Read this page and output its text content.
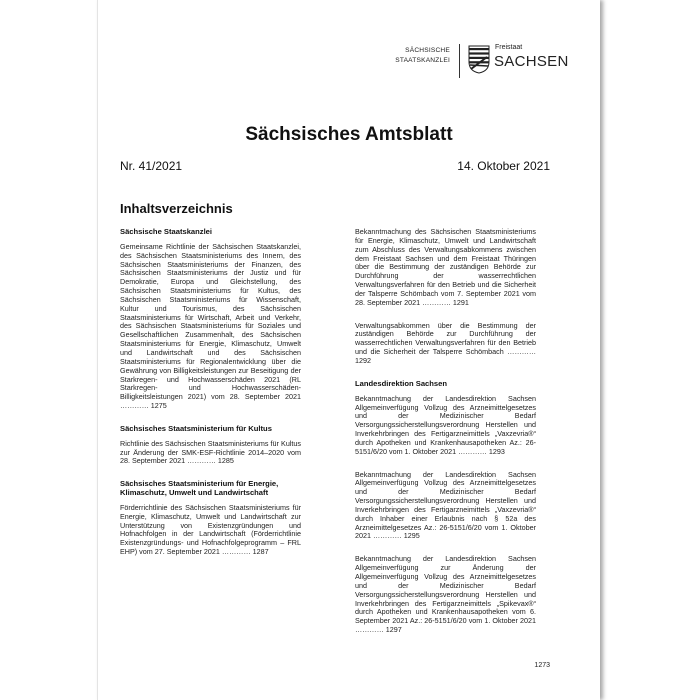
SÄCHSISCHE
STAATSKANZLEI
Freistaat
SACHSEN
Sächsisches Amtsblatt
Nr. 41/2021	14. Oktober 2021
Inhaltsverzeichnis
Sächsische Staatskanzlei
Gemeinsame Richtlinie der Sächsischen Staatskanzlei, des Sächsischen Staatsministeriums des Innern, des Sächsischen Staatsministeriums der Finanzen, des Sächsischen Staatsministeriums der Justiz und für Demokratie, Europa und Gleichstellung, des Sächsischen Staatsministeriums für Kultus, des Sächsischen Staatsministeriums für Wissenschaft, Kultur und Tourismus, des Sächsischen Staatsministeriums für Wirtschaft, Arbeit und Verkehr, des Sächsischen Staatsministeriums für Soziales und Gesellschaftlichen Zusammenhalt, des Sächsischen Staatsministeriums für Energie, Klimaschutz, Umwelt und Landwirtschaft und des Sächsischen Staatsministeriums für Regionalentwicklung über die Gewährung von Billigkeitsleistungen zur Beseitigung der Starkregen- und Hochwasserschäden 2021 (RL Starkregen- und Hochwasserschäden-Billigkeitsleistungen 2021) vom 28. September 2021 ………… 1275
Sächsisches Staatsministerium für Kultus
Richtlinie des Sächsischen Staatsministeriums für Kultus zur Änderung der SMK-ESF-Richtlinie 2014–2020 vom 28. September 2021 ………… 1285
Sächsisches Staatsministerium für Energie, Klimaschutz, Umwelt und Landwirtschaft
Förderrichtlinie des Sächsischen Staatsministeriums für Energie, Klimaschutz, Umwelt und Landwirtschaft zur Unterstützung von Existenzgründungen und Hofnachfolgen in der Landwirtschaft (Förderrichtlinie Existenzgründungs- und Hofnachfolgeprogramm – FRL EHP) vom 27. September 2021 ………… 1287
Bekanntmachung des Sächsischen Staatsministeriums für Energie, Klimaschutz, Umwelt und Landwirtschaft zum Abschluss des Verwaltungsabkommens zwischen dem Freistaat Sachsen und dem Freistaat Thüringen über die Bestimmung der zuständigen Behörde zur Durchführung der wasserrechtlichen Verwaltungsverfahren für den Betrieb und die Sicherheit der Talsperre Schömbach vom 7. September 2021 vom 28. September 2021 ………… 1291
Verwaltungsabkommen über die Bestimmung der zuständigen Behörde zur Durchführung der wasserrechtlichen Verwaltungsverfahren für den Betrieb und die Sicherheit der Talsperre Schömbach ………… 1292
Landesdirektion Sachsen
Bekanntmachung der Landesdirektion Sachsen Allgemeinverfügung Vollzug des Arzneimittelgesetzes und der Medizinischer Bedarf Versorgungssicherstellungsverordnung Herstellen und Inverkehrbringen des Fertigarzneimittels „Vaxzevria®“ durch Apotheken und Krankenhausapotheken Az.: 26-5151/6/20 vom 1. Oktober 2021 ………… 1293
Bekanntmachung der Landesdirektion Sachsen Allgemeinverfügung Vollzug des Arzneimittelgesetzes und der Medizinischer Bedarf Versorgungssicherstellungsverordnung Herstellen und Inverkehrbringen des Fertigarzneimittels „Vaxzevria®“ durch Inhaber einer Erlaubnis nach § 52a des Arzneimittelgesetzes Az.: 26-5151/6/20 vom 1. Oktober 2021 ………… 1295
Bekanntmachung der Landesdirektion Sachsen Allgemeinverfügung zur Änderung der Allgemeinverfügung Vollzug des Arzneimittelgesetzes und der Medizinischer Bedarf Versorgungssicherstellungsverordnung Herstellen und Inverkehrbringen des Fertigarzneimittels „Spikevax®“ durch Apotheken und Krankenhausapotheken vom 6. September 2021 Az.: 26-5151/6/20 vom 1. Oktober 2021 ………… 1297
1273
